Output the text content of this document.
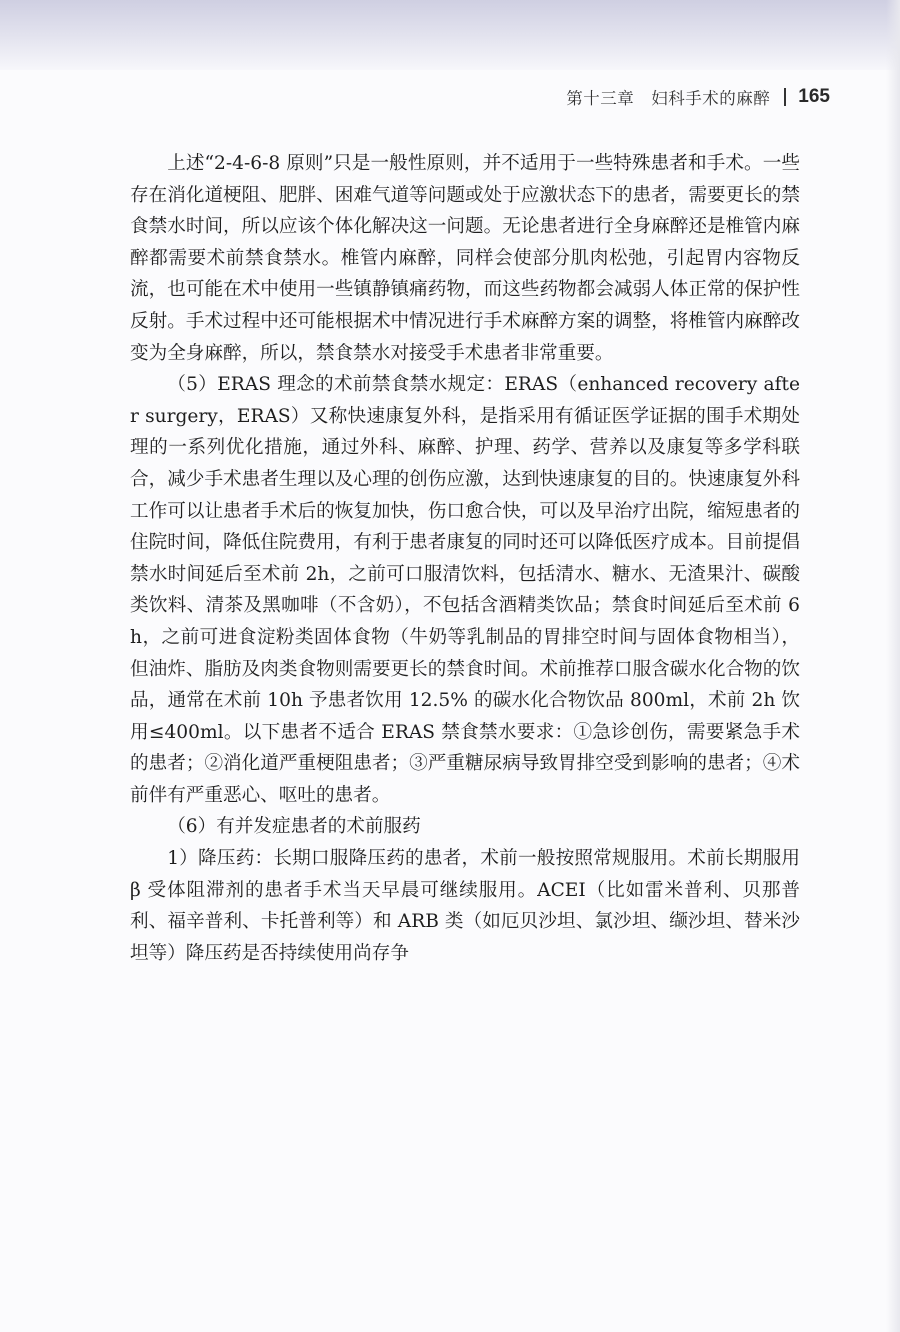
第十三章　妇科手术的麻醉 165

上述“2-4-6-8 原则”只是一般性原则，并不适用于一些特殊患者和手术。一些存在消化道梗阻、肥胖、困难气道等问题或处于应激状态下的患者，需要更长的禁食禁水时间，所以应该个体化解决这一问题。无论患者进行全身麻醉还是椎管内麻醉都需要术前禁食禁水。椎管内麻醉，同样会使部分肌肉松弛，引起胃内容物反流，也可能在术中使用一些镇静镇痛药物，而这些药物都会减弱人体正常的保护性反射。手术过程中还可能根据术中情况进行手术麻醉方案的调整，将椎管内麻醉改变为全身麻醉，所以，禁食禁水对接受手术患者非常重要。

（5）ERAS 理念的术前禁食禁水规定：ERAS（enhanced recovery after surgery，ERAS）又称快速康复外科，是指采用有循证医学证据的围手术期处理的一系列优化措施，通过外科、麻醉、护理、药学、营养以及康复等多学科联合，减少手术患者生理以及心理的创伤应激，达到快速康复的目的。快速康复外科工作可以让患者手术后的恢复加快，伤口愈合快，可以及早治疗出院，缩短患者的住院时间，降低住院费用，有利于患者康复的同时还可以降低医疗成本。目前提倡禁水时间延后至术前 2h，之前可口服清饮料，包括清水、糖水、无渣果汁、碳酸类饮料、清茶及黑咖啡（不含奶），不包括含酒精类饮品；禁食时间延后至术前 6h，之前可进食淀粉类固体食物（牛奶等乳制品的胃排空时间与固体食物相当），但油炸、脂肪及肉类食物则需要更长的禁食时间。术前推荐口服含碳水化合物的饮品，通常在术前 10h 予患者饮用 12.5% 的碳水化合物饮品 800ml，术前 2h 饮用≤400ml。以下患者不适合 ERAS 禁食禁水要求：①急诊创伤，需要紧急手术的患者；②消化道严重梗阻患者；③严重糖尿病导致胃排空受到影响的患者；④术前伴有严重恶心、呕吐的患者。

（6）有并发症患者的术前服药

1）降压药：长期口服降压药的患者，术前一般按照常规服用。术前长期服用 β 受体阻滞剂的患者手术当天早晨可继续服用。ACEI（比如雷米普利、贝那普利、福辛普利、卡托普利等）和 ARB 类（如厄贝沙坦、氯沙坦、缬沙坦、替米沙坦等）降压药是否持续使用尚存争
